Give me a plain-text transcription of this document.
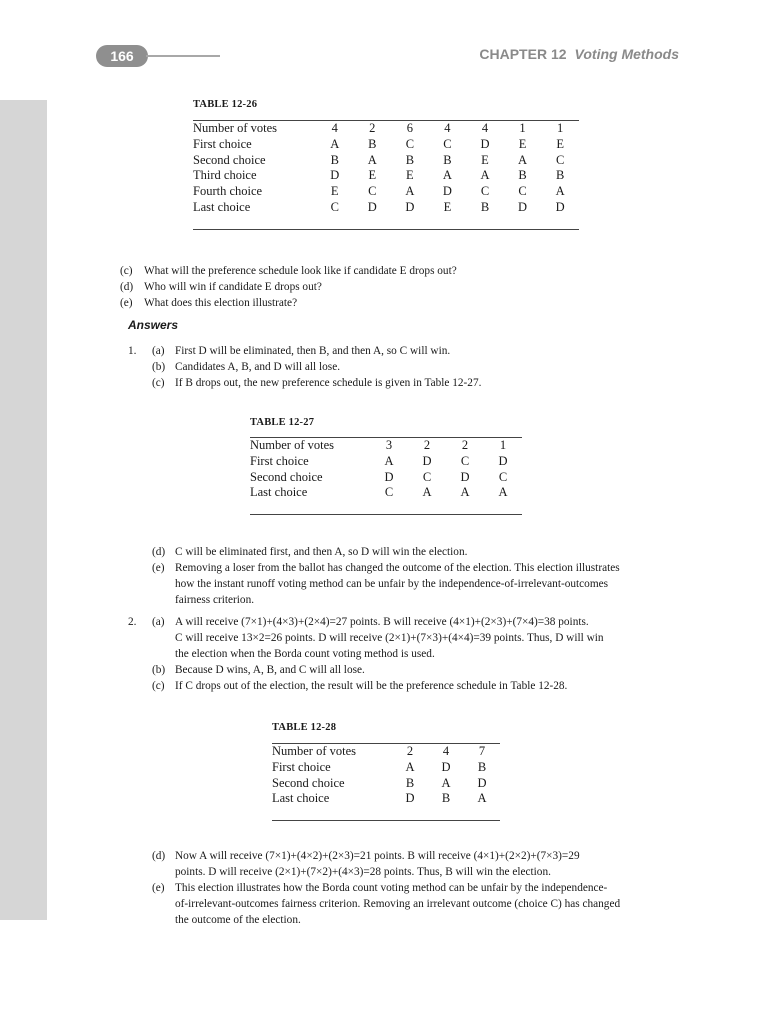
166	CHAPTER 12 Voting Methods
TABLE 12-26
Number of votes	4	2	6	4	4	1	1
First choice	A	B	C	C	D	E	E
Second choice	B	A	B	B	E	A	C
Third choice	D	E	E	A	A	B	B
Fourth choice	E	C	A	D	C	C	A
Last choice	C	D	D	E	B	D	D
(c) What will the preference schedule look like if candidate E drops out?
(d) Who will win if candidate E drops out?
(e) What does this election illustrate?
Answers
1. (a) First D will be eliminated, then B, and then A, so C will win.
(b) Candidates A, B, and D will all lose.
(c) If B drops out, the new preference schedule is given in Table 12-27.
TABLE 12-27
Number of votes	3	2	2	1
First choice	A	D	C	D
Second choice	D	C	D	C
Last choice	C	A	A	A
(d) C will be eliminated first, and then A, so D will win the election.
(e) Removing a loser from the ballot has changed the outcome of the election. This election illustrates
how the instant runoff voting method can be unfair by the independence-of-irrelevant-outcomes
fairness criterion.
2. (a) A will receive (7×1)+(4×3)+(2×4)=27 points. B will receive (4×1)+(2×3)+(7×4)=38 points.
C will receive 13×2=26 points. D will receive (2×1)+(7×3)+(4×4)=39 points. Thus, D will win
the election when the Borda count voting method is used.
(b) Because D wins, A, B, and C will all lose.
(c) If C drops out of the election, the result will be the preference schedule in Table 12-28.
TABLE 12-28
Number of votes	2	4	7
First choice	A	D	B
Second choice	B	A	D
Last choice	D	B	A
(d) Now A will receive (7×1)+(4×2)+(2×3)=21 points. B will receive (4×1)+(2×2)+(7×3)=29
points. D will receive (2×1)+(7×2)+(4×3)=28 points. Thus, B will win the election.
(e) This election illustrates how the Borda count voting method can be unfair by the independence-
of-irrelevant-outcomes fairness criterion. Removing an irrelevant outcome (choice C) has changed
the outcome of the election.
